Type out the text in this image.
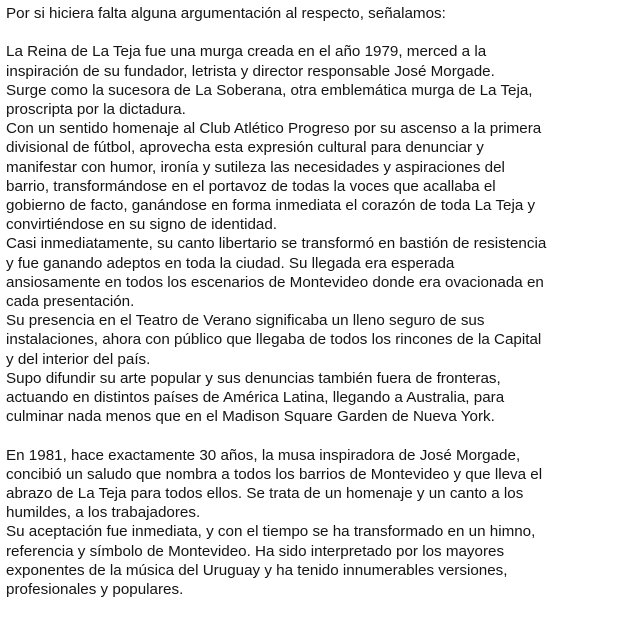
Por si hiciera falta alguna argumentación al respecto, señalamos:
La Reina de La Teja fue una murga creada en el año 1979, merced a la
inspiración de su fundador, letrista y director responsable José Morgade.
Surge como la sucesora de La Soberana, otra emblemática murga de La Teja,
proscripta por la dictadura.
Con un sentido homenaje al Club Atlético Progreso por su ascenso a la primera
divisional de fútbol, aprovecha esta expresión cultural para denunciar y
manifestar con humor, ironía y sutileza las necesidades y aspiraciones del
barrio, transformándose en el portavoz de todas la voces que acallaba el
gobierno de facto, ganándose en forma inmediata el corazón de toda La Teja y
convirtiéndose en su signo de identidad.
Casi inmediatamente, su canto libertario se transformó en bastión de resistencia
y fue ganando adeptos en toda la ciudad. Su llegada era esperada
ansiosamente en todos los escenarios de Montevideo donde era ovacionada en
cada presentación.
Su presencia en el Teatro de Verano significaba un lleno seguro de sus
instalaciones, ahora con público que llegaba de todos los rincones de la Capital
y del interior del país.
Supo difundir su arte popular y sus denuncias también fuera de fronteras,
actuando en distintos países de América Latina, llegando a Australia, para
culminar nada menos que en el Madison Square Garden de Nueva York.
En 1981, hace exactamente 30 años, la musa inspiradora de José Morgade,
concibió un saludo que nombra a todos los barrios de Montevideo y que lleva el
abrazo de La Teja para todos ellos. Se trata de un homenaje y un canto a los
humildes, a los trabajadores.
Su aceptación fue inmediata, y con el tiempo se ha transformado en un himno,
referencia y símbolo de Montevideo. Ha sido interpretado por los mayores
exponentes de la música del Uruguay y ha tenido innumerables versiones,
profesionales y populares.
